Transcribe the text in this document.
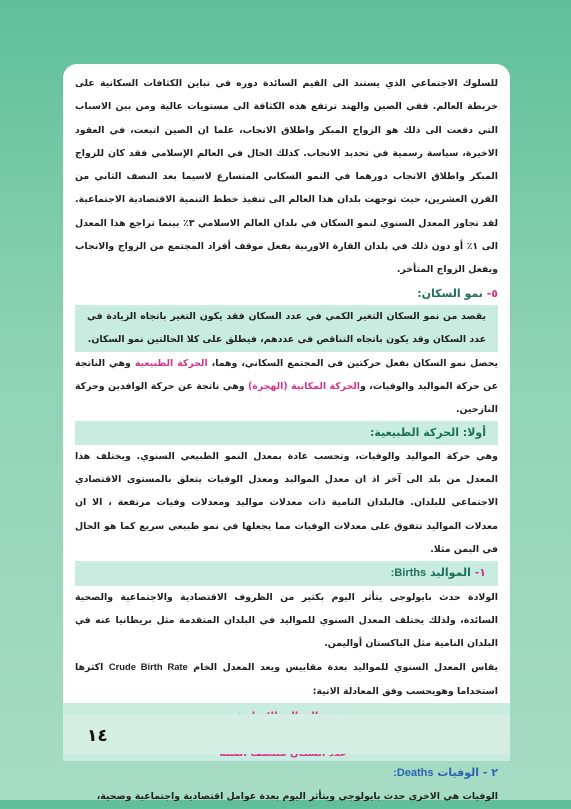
للسلوك الاجتماعي الذي يستند الى القيم السائدة دوره في تباين الكثافات السكانية على خريطة العالم. ففي الصين والهند ترتفع هذه الكثافة الى مستويات عالية ومن بين الاسباب التي دفعت الى ذلك هو الزواج المبكر واطلاق الانجاب، علما ان الصين اتبعت، في العقود الاخيرة، سياسة رسمية في تحديد الانجاب. كذلك الحال في العالم الإسلامي فقد كان للزواج المبكر واطلاق الانجاب دورهما في النمو السكاني المتسارع لاسيما بعد النصف الثاني من القرن العشرين، حيث توجهت بلدان هذا العالم الى تنفيذ خطط التنمية الاقتصادية الاجتماعية. لقد تجاوز المعدل السنوي لنمو السكان في بلدان العالم الاسلامي ٣٪ بينما تراجع هذا المعدل الى ١٪ أو دون ذلك في بلدان القارة الاوربية بفعل موقف أفراد المجتمع من الزواج والانجاب وبفعل الزواج المتأخر.

٥- نمو السكان:

يقصد من نمو السكان التغير الكمي في عدد السكان فقد يكون التغير باتجاه الزيادة في عدد السكان وقد يكون باتجاه التناقص في عددهم، فيطلق على كلا الحالتين نمو السكان.

يحصل نمو السكان بفعل حركتين في المجتمع السكاني، وهما، الحركة الطبيعية وهي الناتجة عن حركة المواليد والوفيات، والحركة المكانية (الهجرة) وهي ناتجة عن حركة الوافدين وحركة النازحين.

أولا: الحركة الطبيعية:

وهي حركة المواليد والوفيات، وتحسب عادة بمعدل النمو الطبيعي السنوي. ويختلف هذا المعدل من بلد الى آخر اذ ان معدل المواليد ومعدل الوفيات يتعلق بالمستوى الاقتصادي الاجتماعي للبلدان. فالبلدان النامية ذات معدلات مواليد ومعدلات وفيات مرتفعة ، الا ان معدلات المواليد تتفوق على معدلات الوفيات مما يجعلها في نمو طبيعي سريع كما هو الحال في اليمن مثلا.

١- المواليد Births:

الولادة حدث بايولوجي يتأثر اليوم بكثير من الظروف الاقتصادية والاجتماعية والصحية السائدة، ولذلك يختلف المعدل السنوي للمواليد في البلدان المتقدمة مثل بريطانيا عنه في البلدان النامية مثل الباكستان أواليمن.

يقاس المعدل السنوي للمواليد بعدة مقاييس ويعد المعدل الخام Crude Birth Rate اكثرها استخداما وهويحسب وفق المعادلة الاتية:

٢ - الوفيات Deaths:

الوفيات هي الاخرى حدث بايولوجي ويتأثر اليوم بعدة عوامل اقتصادية واجتماعية وصحية،

١٤
